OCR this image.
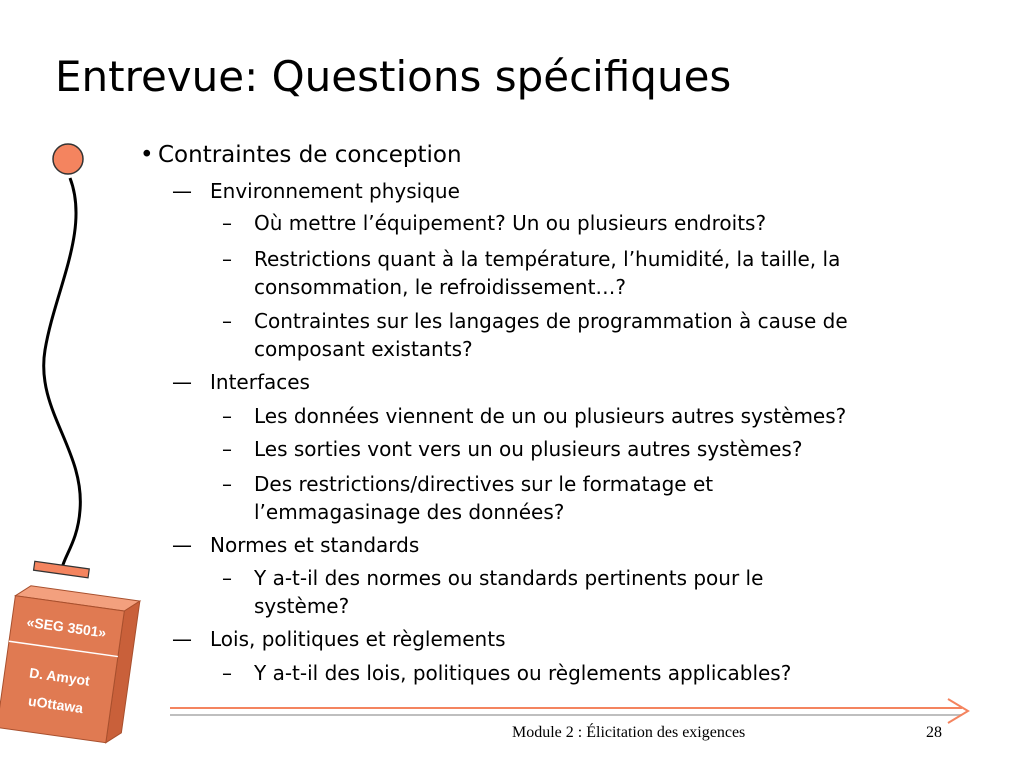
«SEG 3501»
D. Amyot
uOttawa
Entrevue: Questions spécifiques
• Contraintes de conception
— Environnement physique
– Où mettre l’équipement? Un ou plusieurs endroits?
– Restrictions quant à la température, l’humidité, la taille, la
consommation, le refroidissement…?
– Contraintes sur les langages de programmation à cause de
composant existants?
— Interfaces
– Les données viennent de un ou plusieurs autres systèmes?
– Les sorties vont vers un ou plusieurs autres systèmes?
– Des restrictions/directives sur le formatage et
l’emmagasinage des données?
— Normes et standards
– Y a-t-il des normes ou standards pertinents pour le
système?
— Lois, politiques et règlements
– Y a-t-il des lois, politiques ou règlements applicables?
Module 2 : Élicitation des exigences	28
